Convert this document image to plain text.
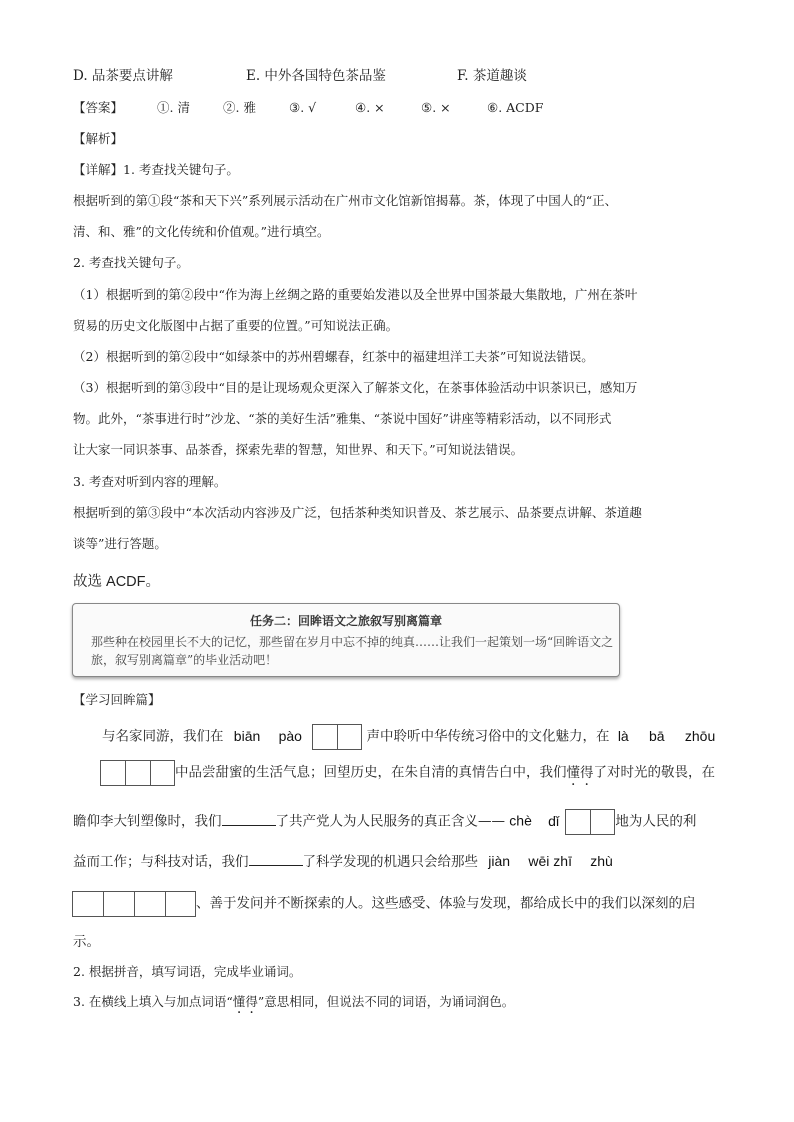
D. 品茶要点讲解	E. 中外各国特色茶品鉴	F. 茶道趣谈
【答案】	①. 清	②. 雅	③. √	④. ×	⑤. ×	⑥. ACDF
【解析】
【详解】1. 考查找关键句子。
根据听到的第①段“茶和天下兴”系列展示活动在广州市文化馆新馆揭幕。茶，体现了中国人的“正、
清、和、雅”的文化传统和价值观。”进行填空。
2. 考查找关键句子。
（1）根据听到的第②段中“作为海上丝绸之路的重要始发港以及全世界中国茶最大集散地，广州在茶叶
贸易的历史文化版图中占据了重要的位置。”可知说法正确。
（2）根据听到的第②段中“如绿茶中的苏州碧螺春，红茶中的福建坦洋工夫茶”可知说法错误。
（3）根据听到的第③段中“目的是让现场观众更深入了解茶文化，在茶事体验活动中识茶识已，感知万
物。此外，“茶事进行时”沙龙、“茶的美好生活”雅集、“茶说中国好”讲座等精彩活动，以不同形式
让大家一同识茶事、品茶香，探索先辈的智慧，知世界、和天下。”可知说法错误。
3. 考查对听到内容的理解。
根据听到的第③段中“本次活动内容涉及广泛，包括茶种类知识普及、茶艺展示、品茶要点讲解、茶道趣
谈等”进行答题。
故选 ACDF。
任务二：回眸语文之旅叙写别离篇章
那些种在校园里长不大的记忆，那些留在岁月中忘不掉的纯真……让我们一起策划一场“回眸语文之
旅，叙写别离篇章”的毕业活动吧！
【学习回眸篇】
与名家同游，我们在 biān pào	声中聆听中华传统习俗中的文化魅力，在 là bā zhōu
中品尝甜蜜的生活气息；回望历史，在朱自清的真情告白中，我们懂得了对时光的敬畏，在
瞻仰李大钊塑像时，我们	了共产党人为人民服务的真正含义—— chè dǐ	地为人民的利
益而工作；与科技对话，我们	了科学发现的机遇只会给那些 jiàn wēi zhī zhù
、善于发问并不断探索的人。这些感受、体验与发现，都给成长中的我们以深刻的启
示。
2. 根据拼音，填写词语，完成毕业诵词。
3. 在横线上填入与加点词语“懂得”意思相同，但说法不同的词语，为诵词润色。
